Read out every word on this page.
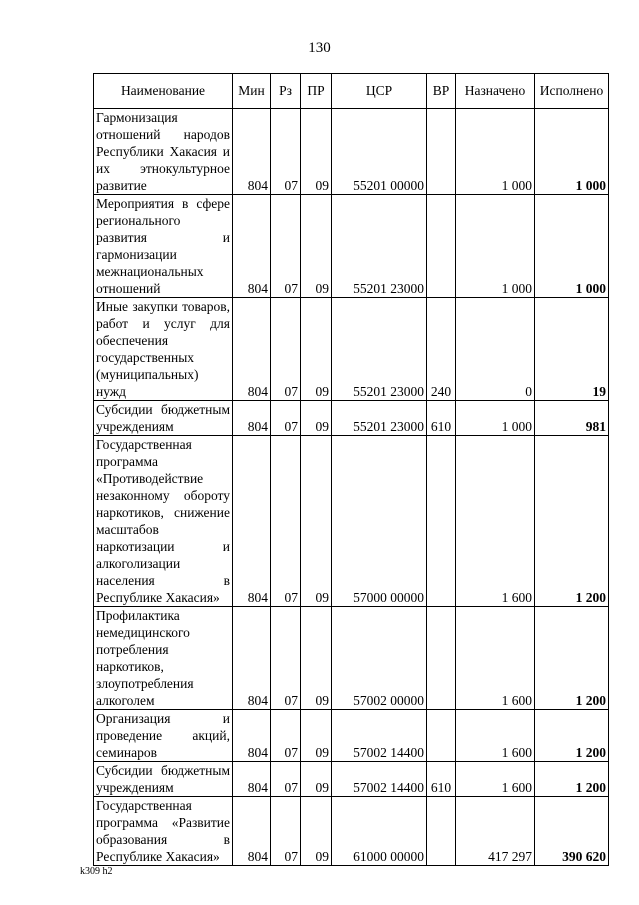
130
Наименование	Мин	Рз	ПР	ЦСР	ВР	Назначено	Исполнено
Гармонизация отношений народов Республики Хакасия и их этнокультурное развитие	804	07	09	55201 00000		1 000	1 000
Мероприятия в сфере регионального развития и гармонизации межнациональных отношений	804	07	09	55201 23000		1 000	1 000
Иные закупки товаров, работ и услуг для обеспечения государственных (муниципальных) нужд	804	07	09	55201 23000	240	0	19
Субсидии бюджетным учреждениям	804	07	09	55201 23000	610	1 000	981
Государственная программа «Противодействие незаконному обороту наркотиков, снижение масштабов наркотизации и алкоголизации населения в Республике Хакасия»	804	07	09	57000 00000		1 600	1 200
Профилактика немедицинского потребления наркотиков, злоупотребления алкоголем	804	07	09	57002 00000		1 600	1 200
Организация и проведение акций, семинаров	804	07	09	57002 14400		1 600	1 200
Субсидии бюджетным учреждениям	804	07	09	57002 14400	610	1 600	1 200
Государственная программа «Развитие образования в Республике Хакасия»	804	07	09	61000 00000		417 297	390 620
k309 h2
